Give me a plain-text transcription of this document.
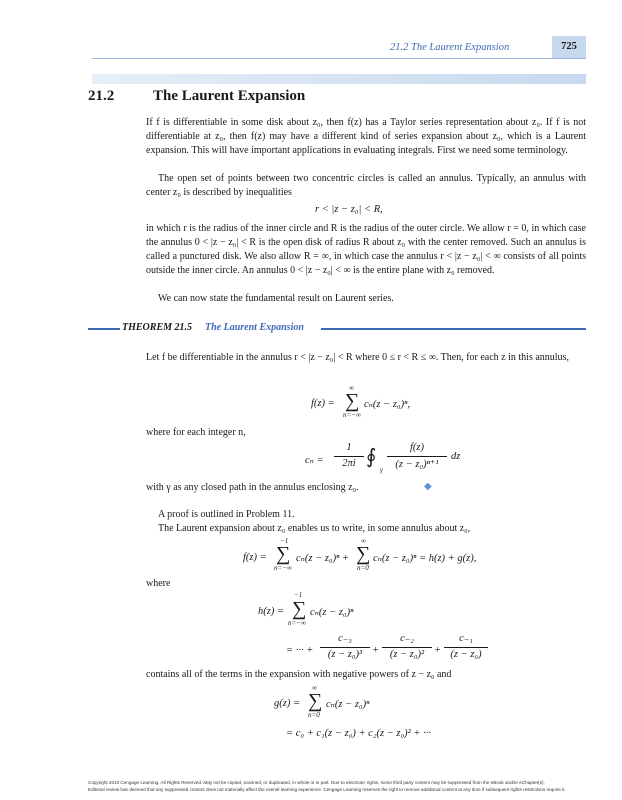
21.2 The Laurent Expansion	725
21.2	The Laurent Expansion

If f is differentiable in some disk about z₀, then f(z) has a Taylor series representation about z₀. If f is not differentiable at z₀, then f(z) may have a different kind of series expansion about z₀, which is a Laurent expansion. This will have important applications in evaluating integrals. First we need some terminology.

The open set of points between two concentric circles is called an annulus. Typically, an annulus with center z₀ is described by inequalities

r < |z − z₀| < R,

in which r is the radius of the inner circle and R is the radius of the outer circle. We allow r = 0, in which case the annulus 0 < |z − z₀| < R is the open disk of radius R about z₀ with the center removed. Such an annulus is called a punctured disk. We also allow R = ∞, in which case the annulus r < |z − z₀| < ∞ consists of all points outside the inner circle. An annulus 0 < |z − z₀| < ∞ is the entire plane with z₀ removed.

We can now state the fundamental result on Laurent series.

THEOREM 21.5 The Laurent Expansion

Let f be differentiable in the annulus r < |z − z₀| < R where 0 ≤ r < R ≤ ∞. Then, for each z in this annulus,

f(z) =
∞
∑
n=−∞
cₙ(z − z₀)ⁿ,

where for each integer n,

cₙ =
1
2πi ∮
γ
f(z)
(z − z₀)ⁿ⁺¹
dz

with γ as any closed path in the annulus enclosing z₀.	◆

A proof is outlined in Problem 11.

The Laurent expansion about z₀ enables us to write, in some annulus about z₀,

f(z) =
−1
∑
n=−∞
cₙ(z − z₀)ⁿ +
∞
∑
n=0
cₙ(z − z₀)ⁿ = h(z) + g(z),

where

h(z) =
−1
∑
n=−∞
cₙ(z − z₀)ⁿ
= ··· +
c₋₃
(z − z₀)³ +
c₋₂
(z − z₀)² +
c₋₁
(z − z₀)

contains all of the terms in the expansion with negative powers of z − z₀ and

g(z) =
∞
∑
n=0
cₙ(z − z₀)ⁿ
= c₀ + c₁(z − z₀) + c₂(z − z₀)² + ···
Copyright 2010 Cengage Learning. All Rights Reserved. May not be copied, scanned, or duplicated, in whole or in part. Due to electronic rights, some third party content may be suppressed from the eBook and/or eChapter(s).
Editorial review has deemed that any suppressed content does not materially affect the overall learning experience. Cengage Learning reserves the right to remove additional content at any time if subsequent rights restrictions require it.
